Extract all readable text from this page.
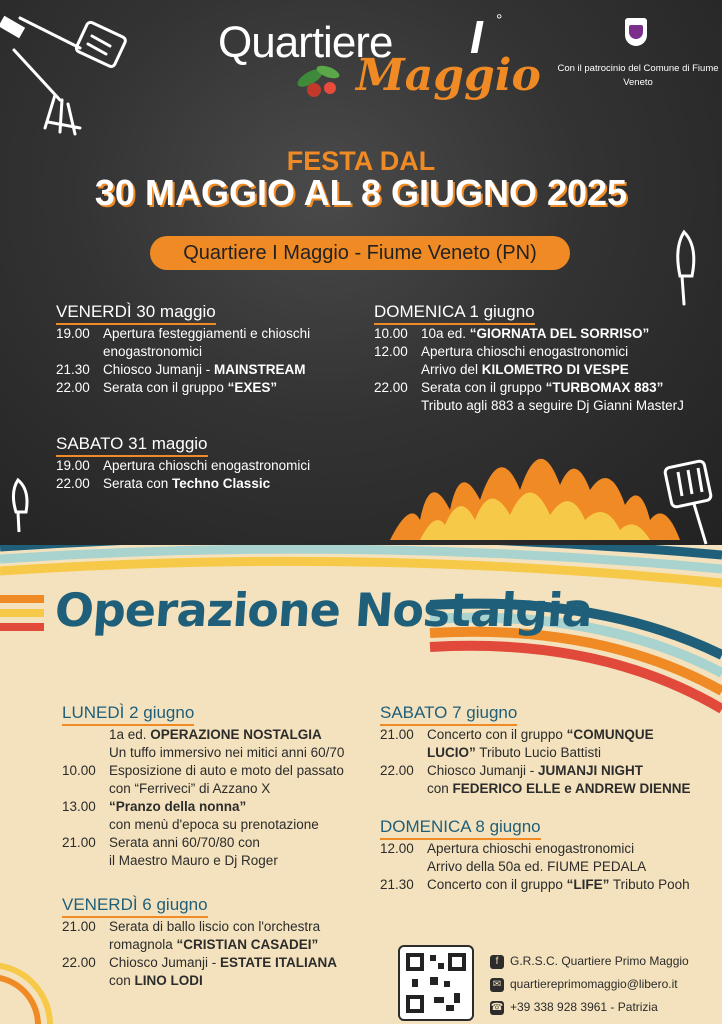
Quartiere I °
Maggio	Con il patrocinio del Comune di Fiume Veneto
FESTA DAL
30 MAGGIO AL 8 GIUGNO 2025
Quartiere I Maggio - Fiume Veneto (PN)
VENERDÌ 30 maggio
19.00 Apertura festeggiamenti e chioschi
enogastronomici
21.30 Chiosco Jumanji - MAINSTREAM
22.00 Serata con il gruppo “EXES”
SABATO 31 maggio
19.00 Apertura chioschi enogastronomici
22.00 Serata con Techno Classic
DOMENICA 1 giugno
10.00 10a ed. “GIORNATA DEL SORRISO”
12.00 Apertura chioschi enogastronomici
Arrivo del KILOMETRO DI VESPE
22.00 Serata con il gruppo “TURBOMAX 883”
Tributo agli 883 a seguire Dj Gianni MasterJ
Operazione Nostalgia
LUNEDÌ 2 giugno
1a ed. OPERAZIONE NOSTALGIA
Un tuffo immersivo nei mitici anni 60/70
10.00 Esposizione di auto e moto del passato
con “Ferriveci” di Azzano X
13.00 “Pranzo della nonna”
con menù d'epoca su prenotazione
21.00 Serata anni 60/70/80 con
il Maestro Mauro e Dj Roger
VENERDÌ 6 giugno
21.00 Serata di ballo liscio con l'orchestra
romagnola “CRISTIAN CASADEI”
22.00 Chiosco Jumanji - ESTATE ITALIANA
con LINO LODI
SABATO 7 giugno
21.00 Concerto con il gruppo “COMUNQUE
LUCIO” Tributo Lucio Battisti
22.00 Chiosco Jumanji - JUMANJI NIGHT
con FEDERICO ELLE e ANDREW DIENNE
DOMENICA 8 giugno
12.00 Apertura chioschi enogastronomici
Arrivo della 50a ed. FIUME PEDALA
21.30 Concerto con il gruppo “LIFE” Tributo Pooh
f G.R.S.C. Quartiere Primo Maggio
✉ quartiereprimomaggio@libero.it
☎ +39 338 928 3961 - Patrizia
